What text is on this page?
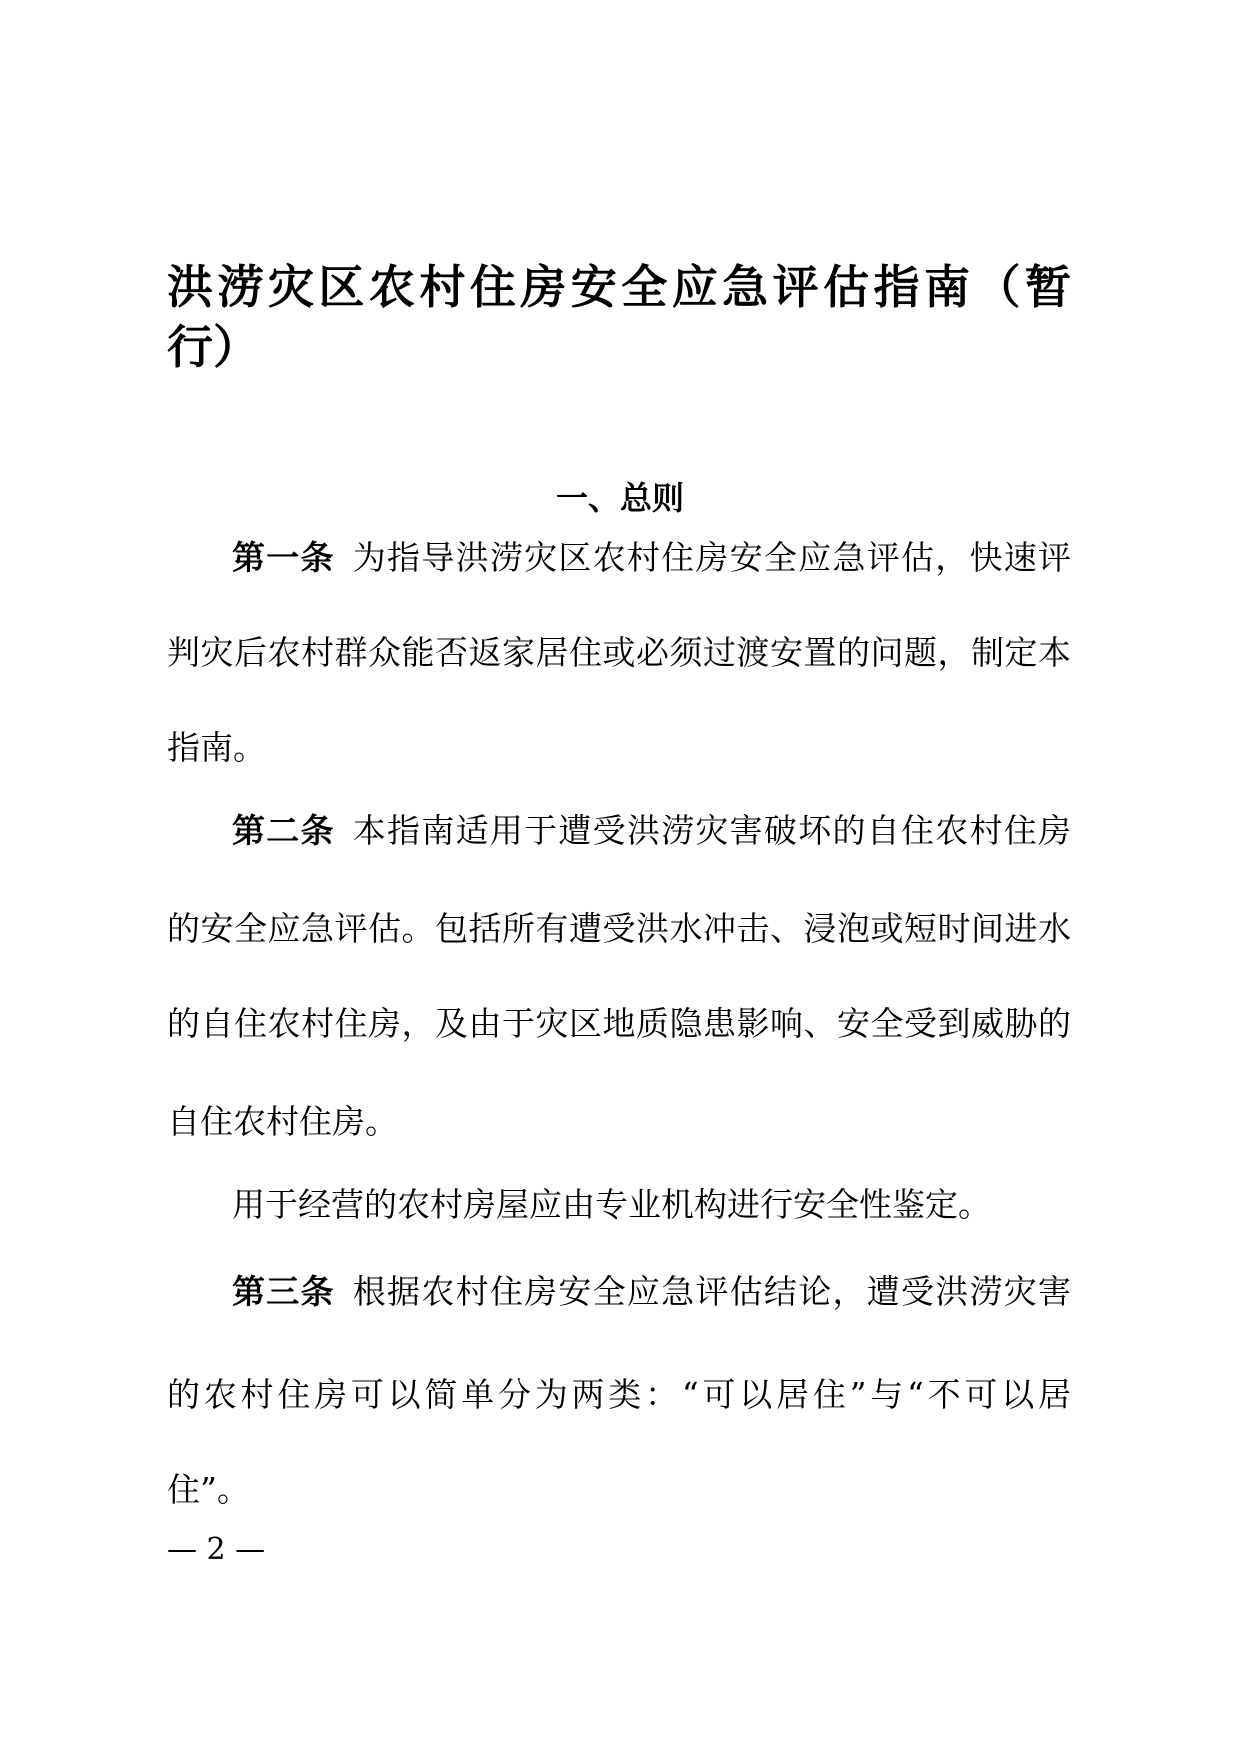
洪涝灾区农村住房安全应急评估指南（暂
行）
一、总则
第一条 为指导洪涝灾区农村住房安全应急评估，快速评
判灾后农村群众能否返家居住或必须过渡安置的问题，制定本
指南。
第二条 本指南适用于遭受洪涝灾害破坏的自住农村住房
的安全应急评估。包括所有遭受洪水冲击、浸泡或短时间进水
的自住农村住房，及由于灾区地质隐患影响、安全受到威胁的
自住农村住房。
用于经营的农村房屋应由专业机构进行安全性鉴定。
第三条 根据农村住房安全应急评估结论，遭受洪涝灾害
的农村住房可以简单分为两类：“可以居住”与“不可以居
住”。
— 2 —
